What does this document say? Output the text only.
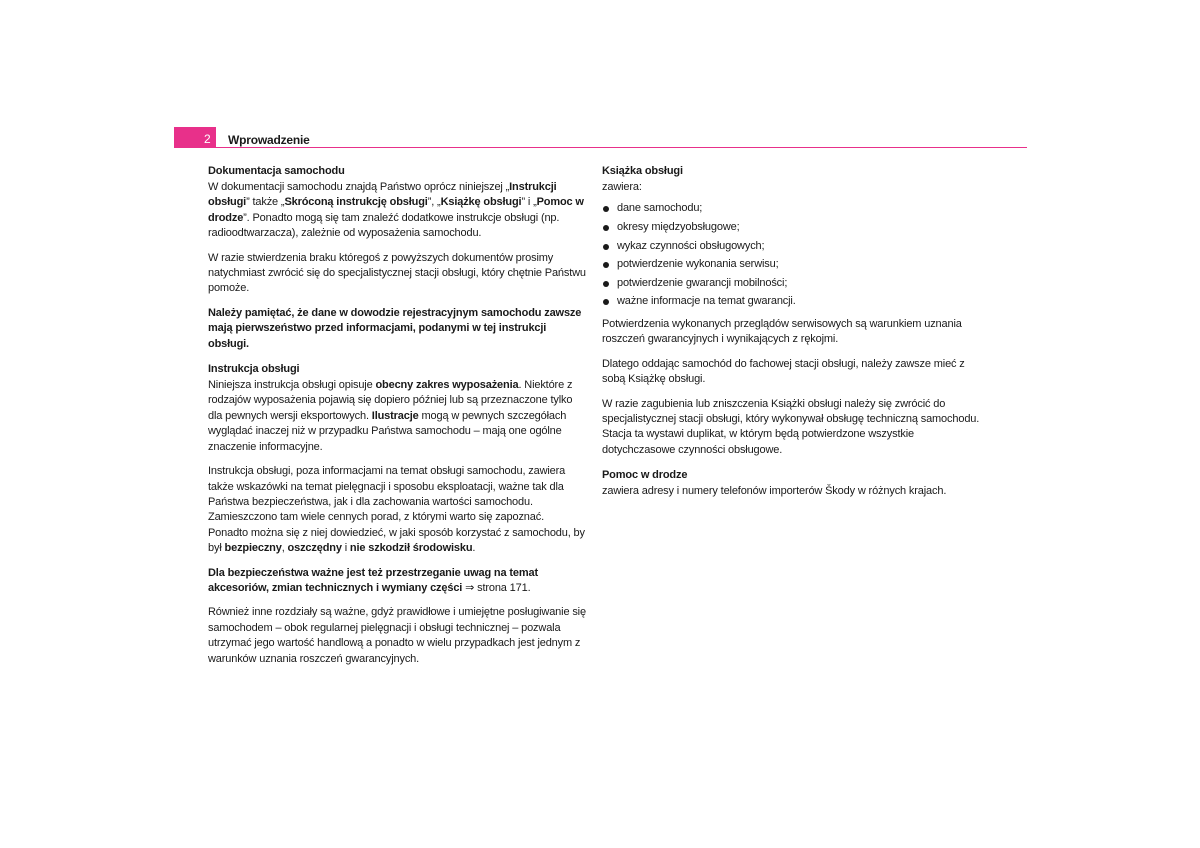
2	Wprowadzenie
Dokumentacja samochodu

W dokumentacji samochodu znajdą Państwo oprócz niniejszej „Instrukcji obsługi” także „Skróconą instrukcję obsługi”, „Książkę obsługi” i „Pomoc w drodze”. Ponadto mogą się tam znaleźć dodatkowe instrukcje obsługi (np. radioodtwarzacza), zależnie od wyposażenia samochodu.

W razie stwierdzenia braku któregoś z powyższych dokumentów prosimy natychmiast zwrócić się do specjalistycznej stacji obsługi, który chętnie Państwu pomoże.

Należy pamiętać, że dane w dowodzie rejestracyjnym samochodu zawsze mają pierwszeństwo przed informacjami, podanymi w tej instrukcji obsługi.

Instrukcja obsługi

Niniejsza instrukcja obsługi opisuje obecny zakres wyposażenia. Niektóre z rodzajów wyposażenia pojawią się dopiero później lub są przeznaczone tylko dla pewnych wersji eksportowych. Ilustracje mogą w pewnych szczegółach wyglądać inaczej niż w przypadku Państwa samochodu – mają one ogólne znaczenie informacyjne.

Instrukcja obsługi, poza informacjami na temat obsługi samochodu, zawiera także wskazówki na temat pielęgnacji i sposobu eksploatacji, ważne tak dla Państwa bezpieczeństwa, jak i dla zachowania wartości samochodu. Zamieszczono tam wiele cennych porad, z którymi warto się zapoznać. Ponadto można się z niej dowiedzieć, w jaki sposób korzystać z samochodu, by był bezpieczny, oszczędny i nie szkodził środowisku.

Dla bezpieczeństwa ważne jest też przestrzeganie uwag na temat akcesoriów, zmian technicznych i wymiany części ⇒ strona 171.

Również inne rozdziały są ważne, gdyż prawidłowe i umiejętne posługiwanie się samochodem – obok regularnej pielęgnacji i obsługi technicznej – pozwala utrzymać jego wartość handlową a ponadto w wielu przypadkach jest jednym z warunków uznania roszczeń gwarancyjnych.

Książka obsługi
zawiera:
dane samochodu;
okresy międzyobsługowe;
wykaz czynności obsługowych;
potwierdzenie wykonania serwisu;
potwierdzenie gwarancji mobilności;
ważne informacje na temat gwarancji.

Potwierdzenia wykonanych przeglądów serwisowych są warunkiem uznania roszczeń gwarancyjnych i wynikających z rękojmi.

Dlatego oddając samochód do fachowej stacji obsługi, należy zawsze mieć z sobą Książkę obsługi.

W razie zagubienia lub zniszczenia Książki obsługi należy się zwrócić do specjalistycznej stacji obsługi, który wykonywał obsługę techniczną samochodu. Stacja ta wystawi duplikat, w którym będą potwierdzone wszystkie dotychczasowe czynności obsługowe.

Pomoc w drodze

zawiera adresy i numery telefonów importerów Škody w różnych krajach.
